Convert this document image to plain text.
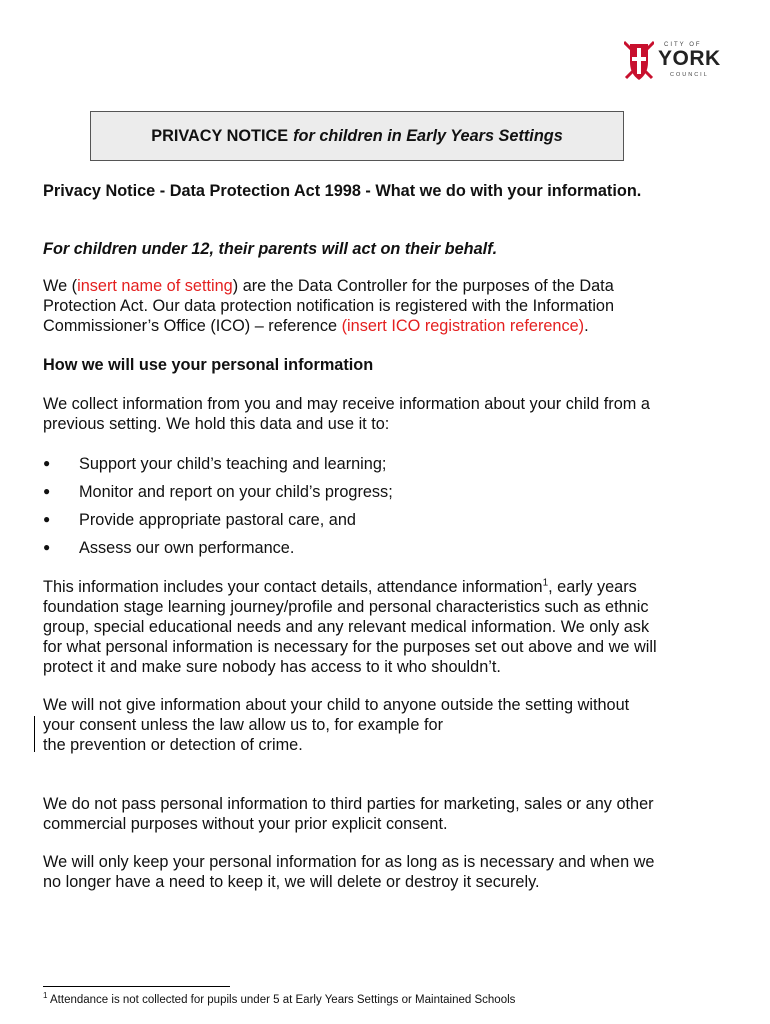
CITY OF
YORK
COUNCIL
PRIVACY NOTICE for children in Early Years Settings

Privacy Notice - Data Protection Act 1998 - What we do with your information.

For children under 12, their parents will act on their behalf.

We (insert name of setting) are the Data Controller for the purposes of the Data

Protection Act. Our data protection notification is registered with the Information

Commissioner’s Office (ICO) – reference (insert ICO registration reference).

How we will use your personal information

We collect information from you and may receive information about your child from a

previous setting. We hold this data and use it to:

● Support your child’s teaching and learning;

● Monitor and report on your child’s progress;

● Provide appropriate pastoral care, and

● Assess our own performance.

This information includes your contact details, attendance information$^1$, early years

foundation stage learning journey/profile and personal characteristics such as ethnic

group, special educational needs and any relevant medical information. We only ask

for what personal information is necessary for the purposes set out above and we will

protect it and make sure nobody has access to it who shouldn’t.

We will not give information about your child to anyone outside the setting without

your consent unless the law allow us to, for example for

the prevention or detection of crime.

We do not pass personal information to third parties for marketing, sales or any other

commercial purposes without your prior explicit consent.

We will only keep your personal information for as long as is necessary and when we

no longer have a need to keep it, we will delete or destroy it securely.

$^1$ Attendance is not collected for pupils under 5 at Early Years Settings or Maintained Schools
